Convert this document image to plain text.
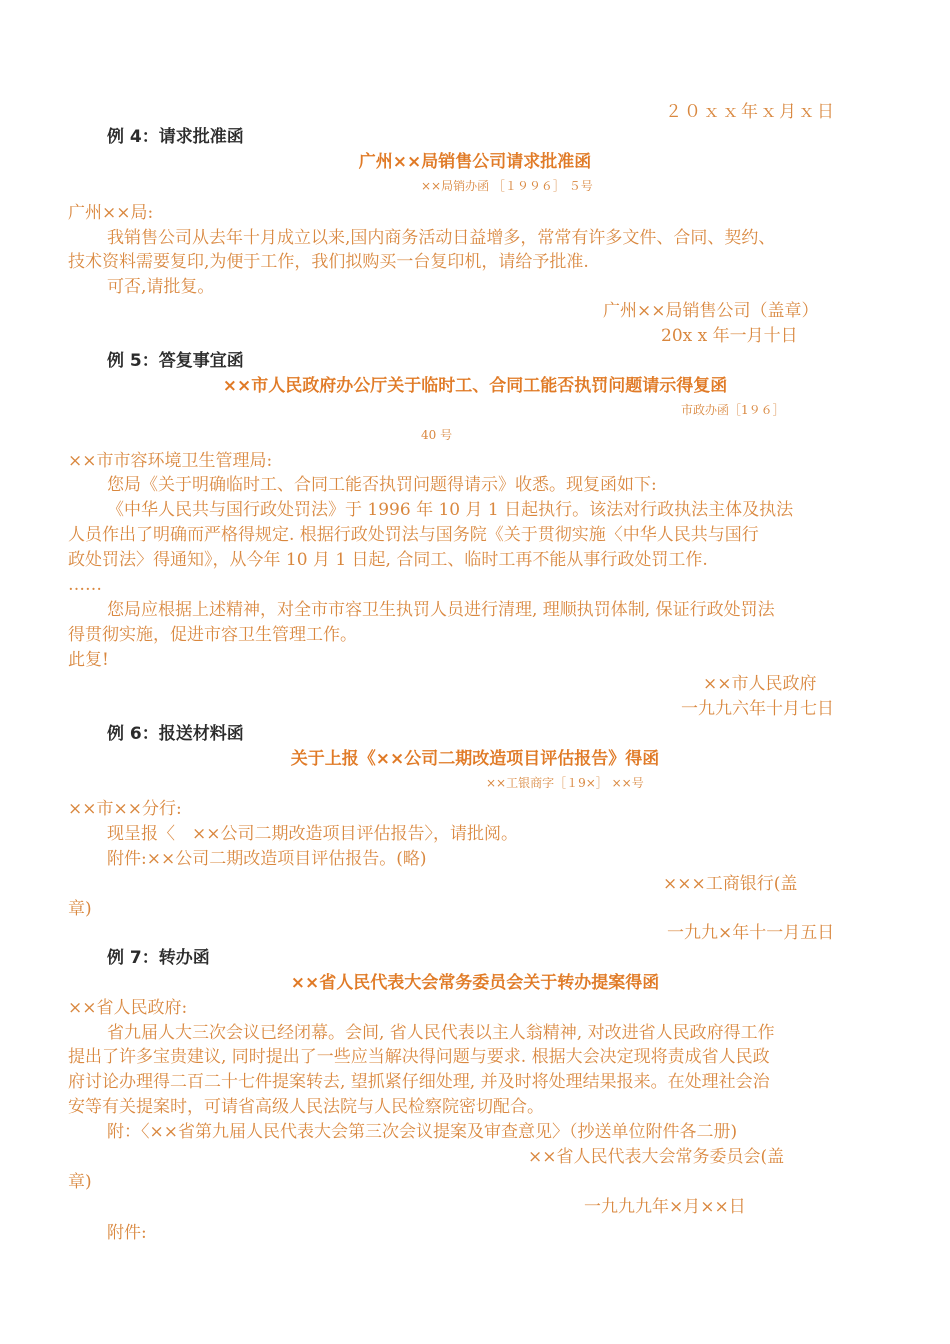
２０ｘｘ年ｘ月ｘ日
例 4：请求批准函
广州××局销售公司请求批准函
××局销办函 ［１９９６］ ５号
广州××局:
我销售公司从去年十月成立以来,国内商务活动日益增多，常常有许多文件、合同、契约、
技术资料需要复印,为便于工作，我们拟购买一台复印机，请给予批准.
可否,请批复。
广州××局销售公司（盖章）
20x x 年一月十日
例 5：答复事宜函
××市人民政府办公厅关于临时工、合同工能否执罚问题请示得复函
市政办函［1９６］
40 号
××市市容环境卫生管理局:
您局《关于明确临时工、合同工能否执罚问题得请示》收悉。现复函如下:
《中华人民共与国行政处罚法》于 1996 年 10 月 1 日起执行。该法对行政执法主体及执法
人员作出了明确而严格得规定. 根据行政处罚法与国务院《关于贯彻实施〈中华人民共与国行
政处罚法〉得通知》，从今年 10 月 1 日起, 合同工、临时工再不能从事行政处罚工作.
……
您局应根据上述精神，对全市市容卫生执罚人员进行清理, 理顺执罚体制, 保证行政处罚法
得贯彻实施，促进市容卫生管理工作。
此复!
××市人民政府
一九九六年十月七日
例 6：报送材料函
关于上报《××公司二期改造项目评估报告》得函
××工银商字［１9×］ ××号
××市××分行:
现呈报〈　××公司二期改造项目评估报告〉，请批阅。
附件:××公司二期改造项目评估报告。(略)
×××工商银行(盖
章)
一九九×年十一月五日
例 7：转办函
××省人民代表大会常务委员会关于转办提案得函
××省人民政府:
省九届人大三次会议已经闭幕。会间, 省人民代表以主人翁精神, 对改进省人民政府得工作
提出了许多宝贵建议, 同时提出了一些应当解决得问题与要求. 根据大会决定现将责成省人民政
府讨论办理得二百二十七件提案转去, 望抓紧仔细处理, 并及时将处理结果报来。在处理社会治
安等有关提案时，可请省高级人民法院与人民检察院密切配合。
附：〈××省第九届人民代表大会第三次会议提案及审查意见〉（抄送单位附件各二册)
××省人民代表大会常务委员会(盖
章)
一九九九年×月××日
附件:
